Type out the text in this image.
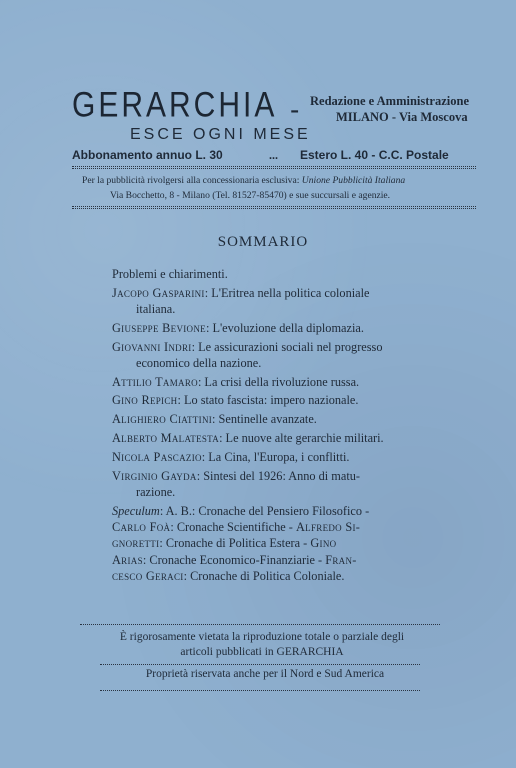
GERARCHIA - Redazione e Amministrazione
MILANO - Via Moscova
ESCE OGNI MESE
Abbonamento annuo L. 30	... Estero L. 40 - C.C. Postale
Per la pubblicità rivolgersi alla concessionaria esclusiva: Unione Pubblicità Italiana
Via Bocchetto, 8 - Milano (Tel. 81527-85470) e sue succursali e agenzie.
SOMMARIO
Problemi e chiarimenti.
Jacopo Gasparini: L'Eritrea nella politica coloniale
italiana.
Giuseppe Bevione: L'evoluzione della diplomazia.
Giovanni Indri: Le assicurazioni sociali nel progresso
economico della nazione.
Attilio Tamaro: La crisi della rivoluzione russa.
Gino Repich: Lo stato fascista: impero nazionale.
Alighiero Ciattini: Sentinelle avanzate.
Alberto Malatesta: Le nuove alte gerarchie militari.
Nicola Pascazio: La Cina, l'Europa, i conflitti.
Virginio Gayda: Sintesi del 1926: Anno di matu-
razione.
Speculum: A. B.: Cronache del Pensiero Filosofico -
Carlo Foà: Cronache Scientifiche - Alfredo Si-
gnoretti: Cronache di Politica Estera - Gino
Arias: Cronache Economico-Finanziarie - Fran-
cesco Geraci: Cronache di Politica Coloniale.
È rigorosamente vietata la riproduzione totale o parziale degli
articoli pubblicati in GERARCHIA
Proprietà riservata anche per il Nord e Sud America
